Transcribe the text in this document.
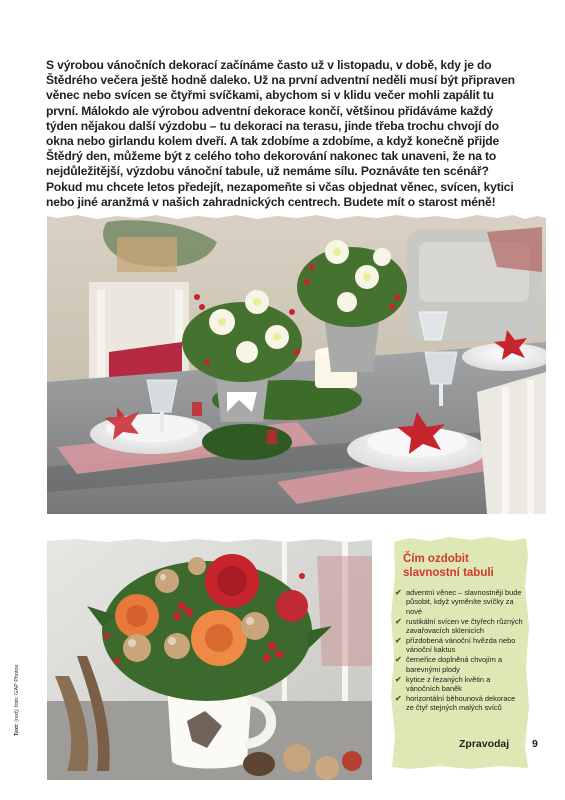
S výrobou vánočních dekorací začínáme často už v listopadu, v době, kdy je do Štědrého večera ještě hodně daleko. Už na první adventní neděli musí být připraven věnec nebo svícen se čtyřmi svíčkami, abychom si v klidu večer mohli zapálit tu první. Málokdo ale výrobou adventní dekorace končí, většinou přidáváme každý týden nějakou další výzdobu – tu dekoraci na terasu, jinde třeba trochu chvojí do okna nebo girlandu kolem dveří. A tak zdobíme a zdobíme, a když konečně přijde Štědrý den, můžeme být z celého toho dekorování nakonec tak unaveni, že na to nejdůležitější, výzdobu vánoční tabule, už nemáme sílu. Poznáváte ten scénář? Pokud mu chcete letos předejít, nezapomeňte si včas objednat věnec, svícen, kytici nebo jiné aranžmá v našich zahradnických centrech. Budete mít o starost méně!
Text: (red); foto: GAP Photos
Čím ozdobit slavnostní tabuli
✔ adventní věnec – slavnostněji bude působit, když vyměníte svíčky za nové
✔ rustikální svícen ve čtyřech různých zavařovacích sklenicích
✔ přízdobená vánoční hvězda nebo vánoční kaktus
✔ čemeřice doplněná chvojím a barevnými plody
✔ kytice z řezaných květin a vánočních baněk
✔ horizontální běhounová dekorace ze čtyř stejných malých svíců
Zpravodaj 9
